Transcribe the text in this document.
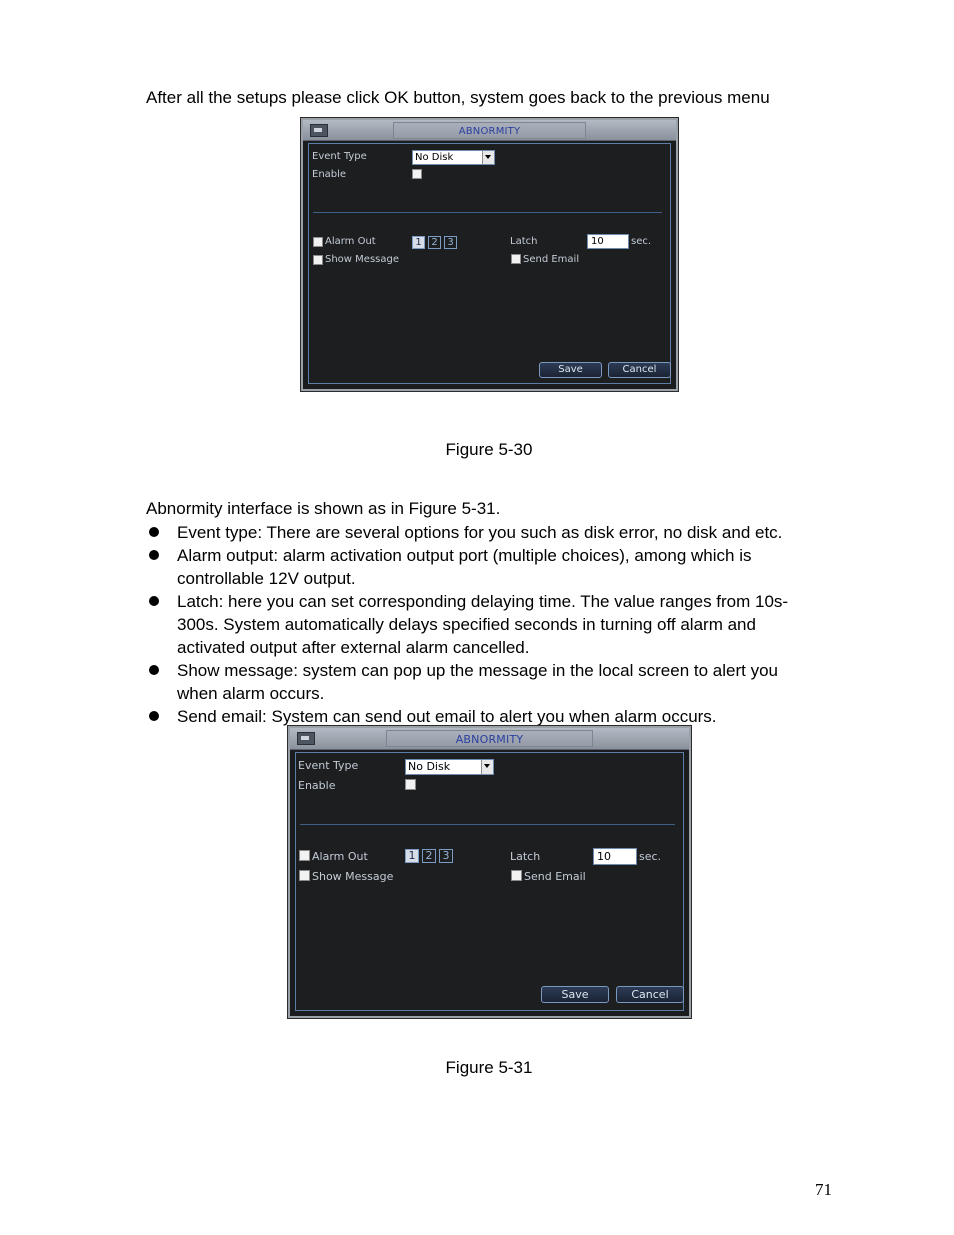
After all the setups please click OK button, system goes back to the previous menu
ABNORMITY
Event Type	No Disk
Enable
Alarm Out	1 2 3	Latch	10	sec.
Show Message	Send Email
Save	Cancel
Figure 5-30
Abnormity interface is shown as in Figure 5-31.
Event type: There are several options for you such as disk error, no disk and etc.
Alarm output: alarm activation output port (multiple choices), among which is
controllable 12V output.
Latch: here you can set corresponding delaying time. The value ranges from 10s-
300s. System automatically delays specified seconds in turning off alarm and
activated output after external alarm cancelled.
Show message: system can pop up the message in the local screen to alert you
when alarm occurs.
Send email: System can send out email to alert you when alarm occurs.
ABNORMITY
Event Type	No Disk
Enable
Alarm Out	1 2 3	Latch	10	sec.
Show Message	Send Email
Save	Cancel
Figure 5-31
71
